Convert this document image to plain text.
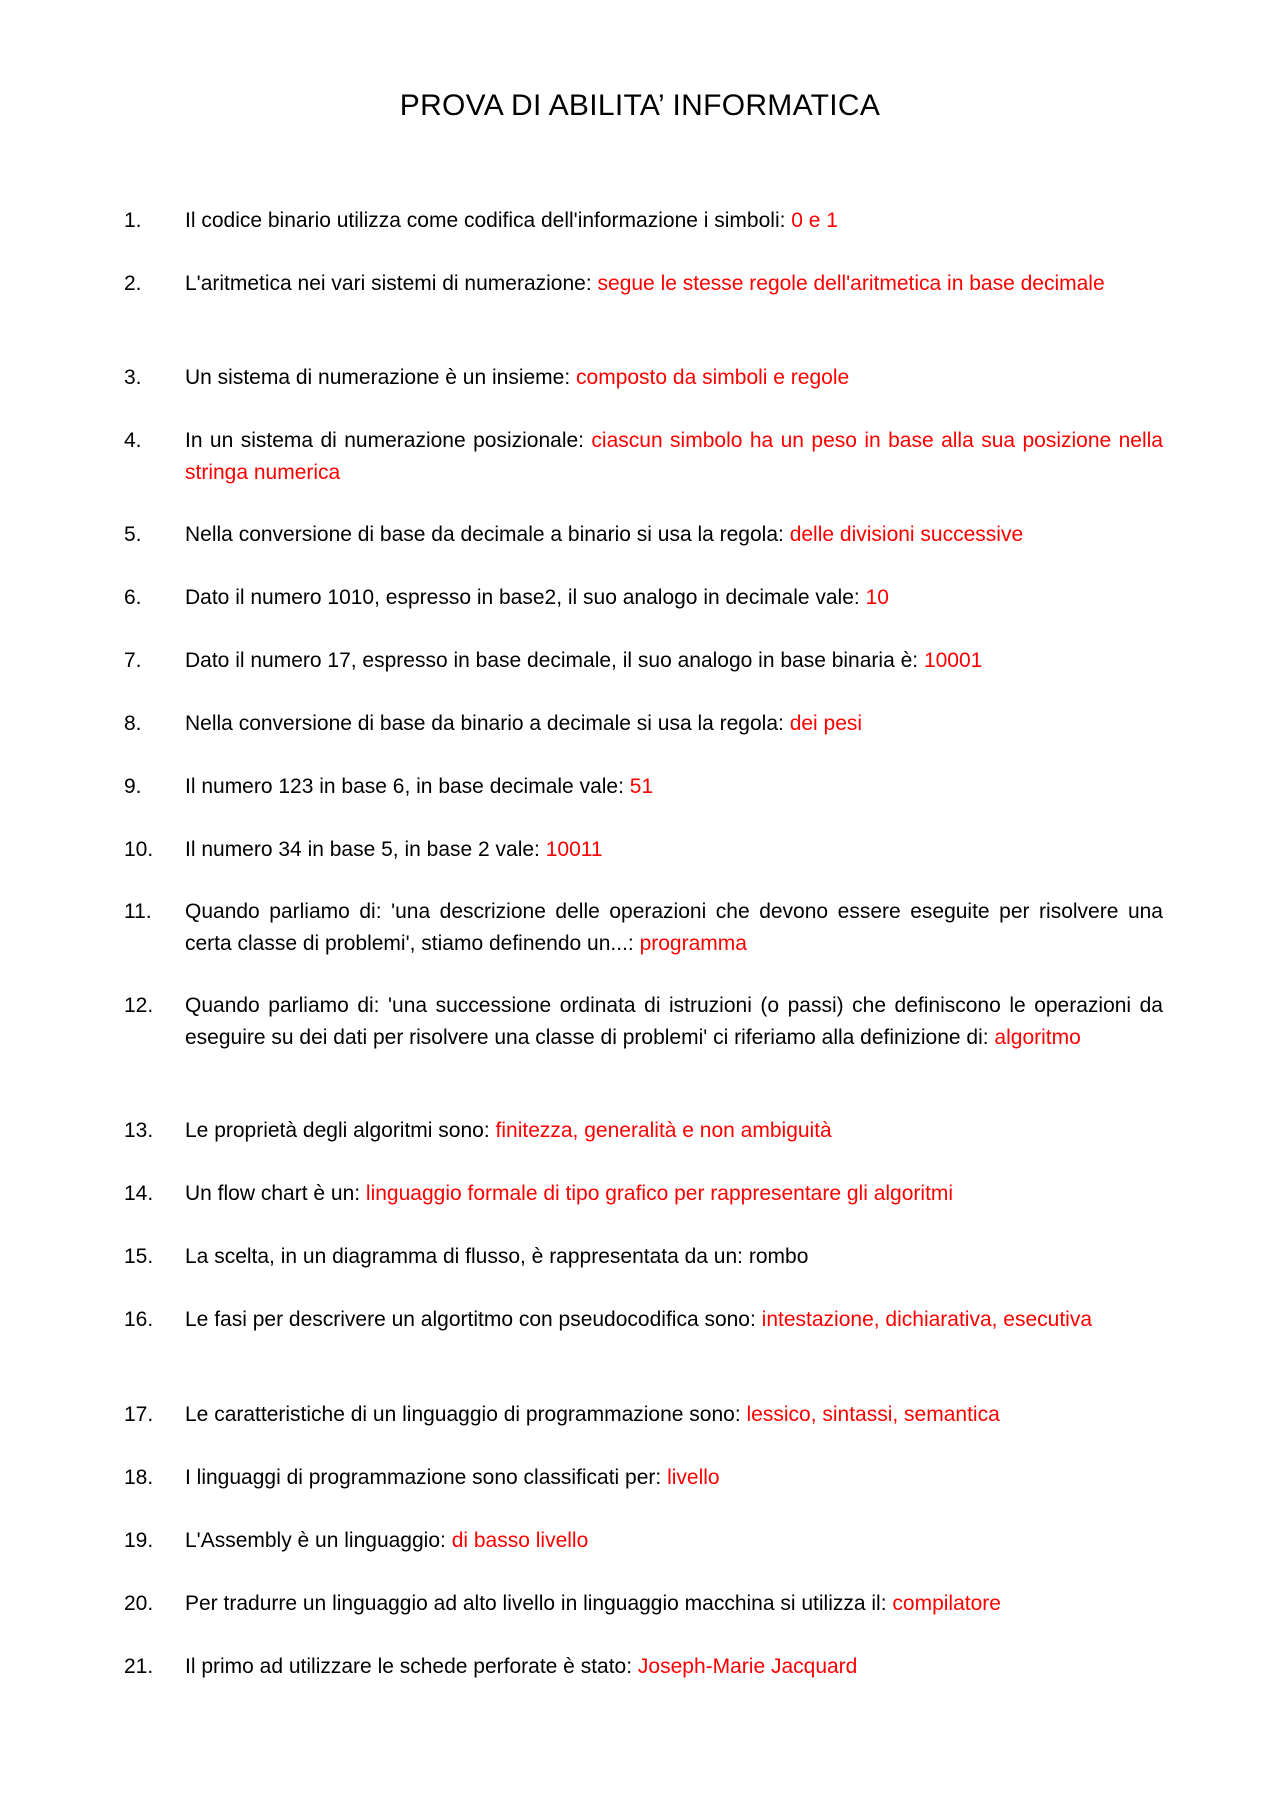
PROVA DI ABILITA’ INFORMATICA
1.	Il codice binario utilizza come codifica dell'informazione i simboli: 0 e 1
2.	L'aritmetica nei vari sistemi di numerazione: segue le stesse regole dell'aritmetica in base decimale
3.	Un sistema di numerazione è un insieme: composto da simboli e regole
4.	In un sistema di numerazione posizionale: ciascun simbolo ha un peso in base alla sua posizione nella stringa numerica
5.	Nella conversione di base da decimale a binario si usa la regola: delle divisioni successive
6.	Dato il numero 1010, espresso in base2, il suo analogo in decimale vale: 10
7.	Dato il numero 17, espresso in base decimale, il suo analogo in base binaria è: 10001
8.	Nella conversione di base da binario a decimale si usa la regola: dei pesi
9.	Il numero 123 in base 6, in base decimale vale: 51
10.	Il numero 34 in base 5, in base 2 vale: 10011
11.	Quando parliamo di: 'una descrizione delle operazioni che devono essere eseguite per risolvere una certa classe di problemi', stiamo definendo un...: programma
12.	Quando parliamo di: 'una successione ordinata di istruzioni (o passi) che definiscono le operazioni da eseguire su dei dati per risolvere una classe di problemi' ci riferiamo alla definizione di: algoritmo
13.	Le proprietà degli algoritmi sono: finitezza, generalità e non ambiguità
14.	Un flow chart è un: linguaggio formale di tipo grafico per rappresentare gli algoritmi
15.	La scelta, in un diagramma di flusso, è rappresentata da un: rombo
16.	Le fasi per descrivere un algortitmo con pseudocodifica sono: intestazione, dichiarativa, esecutiva
17.	Le caratteristiche di un linguaggio di programmazione sono: lessico, sintassi, semantica
18.	I linguaggi di programmazione sono classificati per: livello
19.	L'Assembly è un linguaggio: di basso livello
20.	Per tradurre un linguaggio ad alto livello in linguaggio macchina si utilizza il: compilatore
21.	Il primo ad utilizzare le schede perforate è stato: Joseph-Marie Jacquard
